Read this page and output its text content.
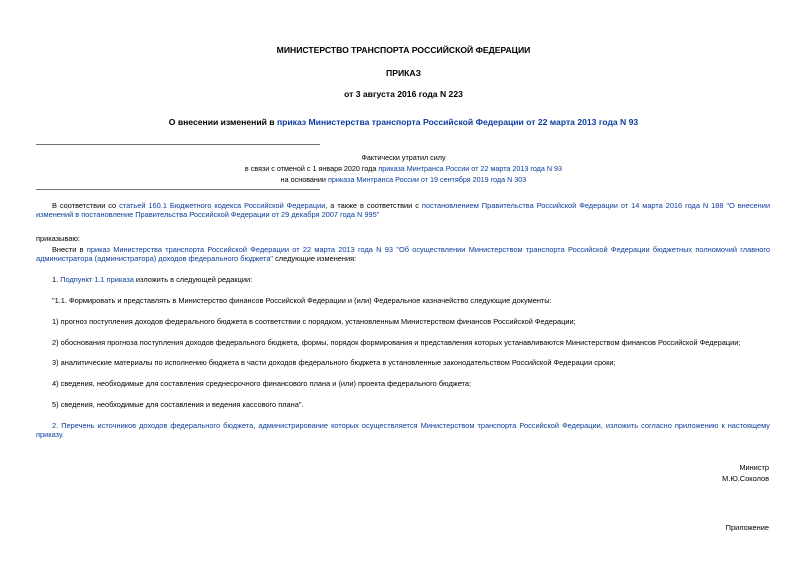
МИНИСТЕРСТВО ТРАНСПОРТА РОССИЙСКОЙ ФЕДЕРАЦИИ
ПРИКАЗ
от 3 августа 2016 года N 223
О внесении изменений в приказ Министерства транспорта Российской Федерации от 22 марта 2013 года N 93
Фактически утратил силу
в связи с отменой с 1 января 2020 года приказа Минтранса России от 22 марта 2013 года N 93
на основании приказа Минтранса России от 19 сентября 2019 года N 303
В соответствии со статьей 160.1 Бюджетного кодекса Российской Федерации, а также в соответствии с постановлением Правительства Российской Федерации от 14 марта 2016 года N 188 "О внесении изменений в постановление Правительства Российской Федерации от 29 декабря 2007 года N 995"
приказываю:
Внести в приказ Министерства транспорта Российской Федерации от 22 марта 2013 года N 93 "Об осуществлении Министерством транспорта Российской Федерации бюджетных полномочий главного администратора (администратора) доходов федерального бюджета" следующие изменения:
1. Подпункт 1.1 приказа изложить в следующей редакции:
"1.1. Формировать и представлять в Министерство финансов Российской Федерации и (или) Федеральное казначейство следующие документы:
1) прогноз поступления доходов федерального бюджета в соответствии с порядком, установленным Министерством финансов Российской Федерации;
2) обоснования прогноза поступления доходов федерального бюджета, формы, порядок формирования и представления которых устанавливаются Министерством финансов Российской Федерации;
3) аналитические материалы по исполнению бюджета в части доходов федерального бюджета в установленные законодательством Российской Федерации сроки;
4) сведения, необходимые для составления среднесрочного финансового плана и (или) проекта федерального бюджета;
5) сведения, необходимые для составления и ведения кассового плана".
2. Перечень источников доходов федерального бюджета, администрирование которых осуществляется Министерством транспорта Российской Федерации, изложить согласно приложению к настоящему приказу.
Министр
М.Ю.Соколов
Приложение
